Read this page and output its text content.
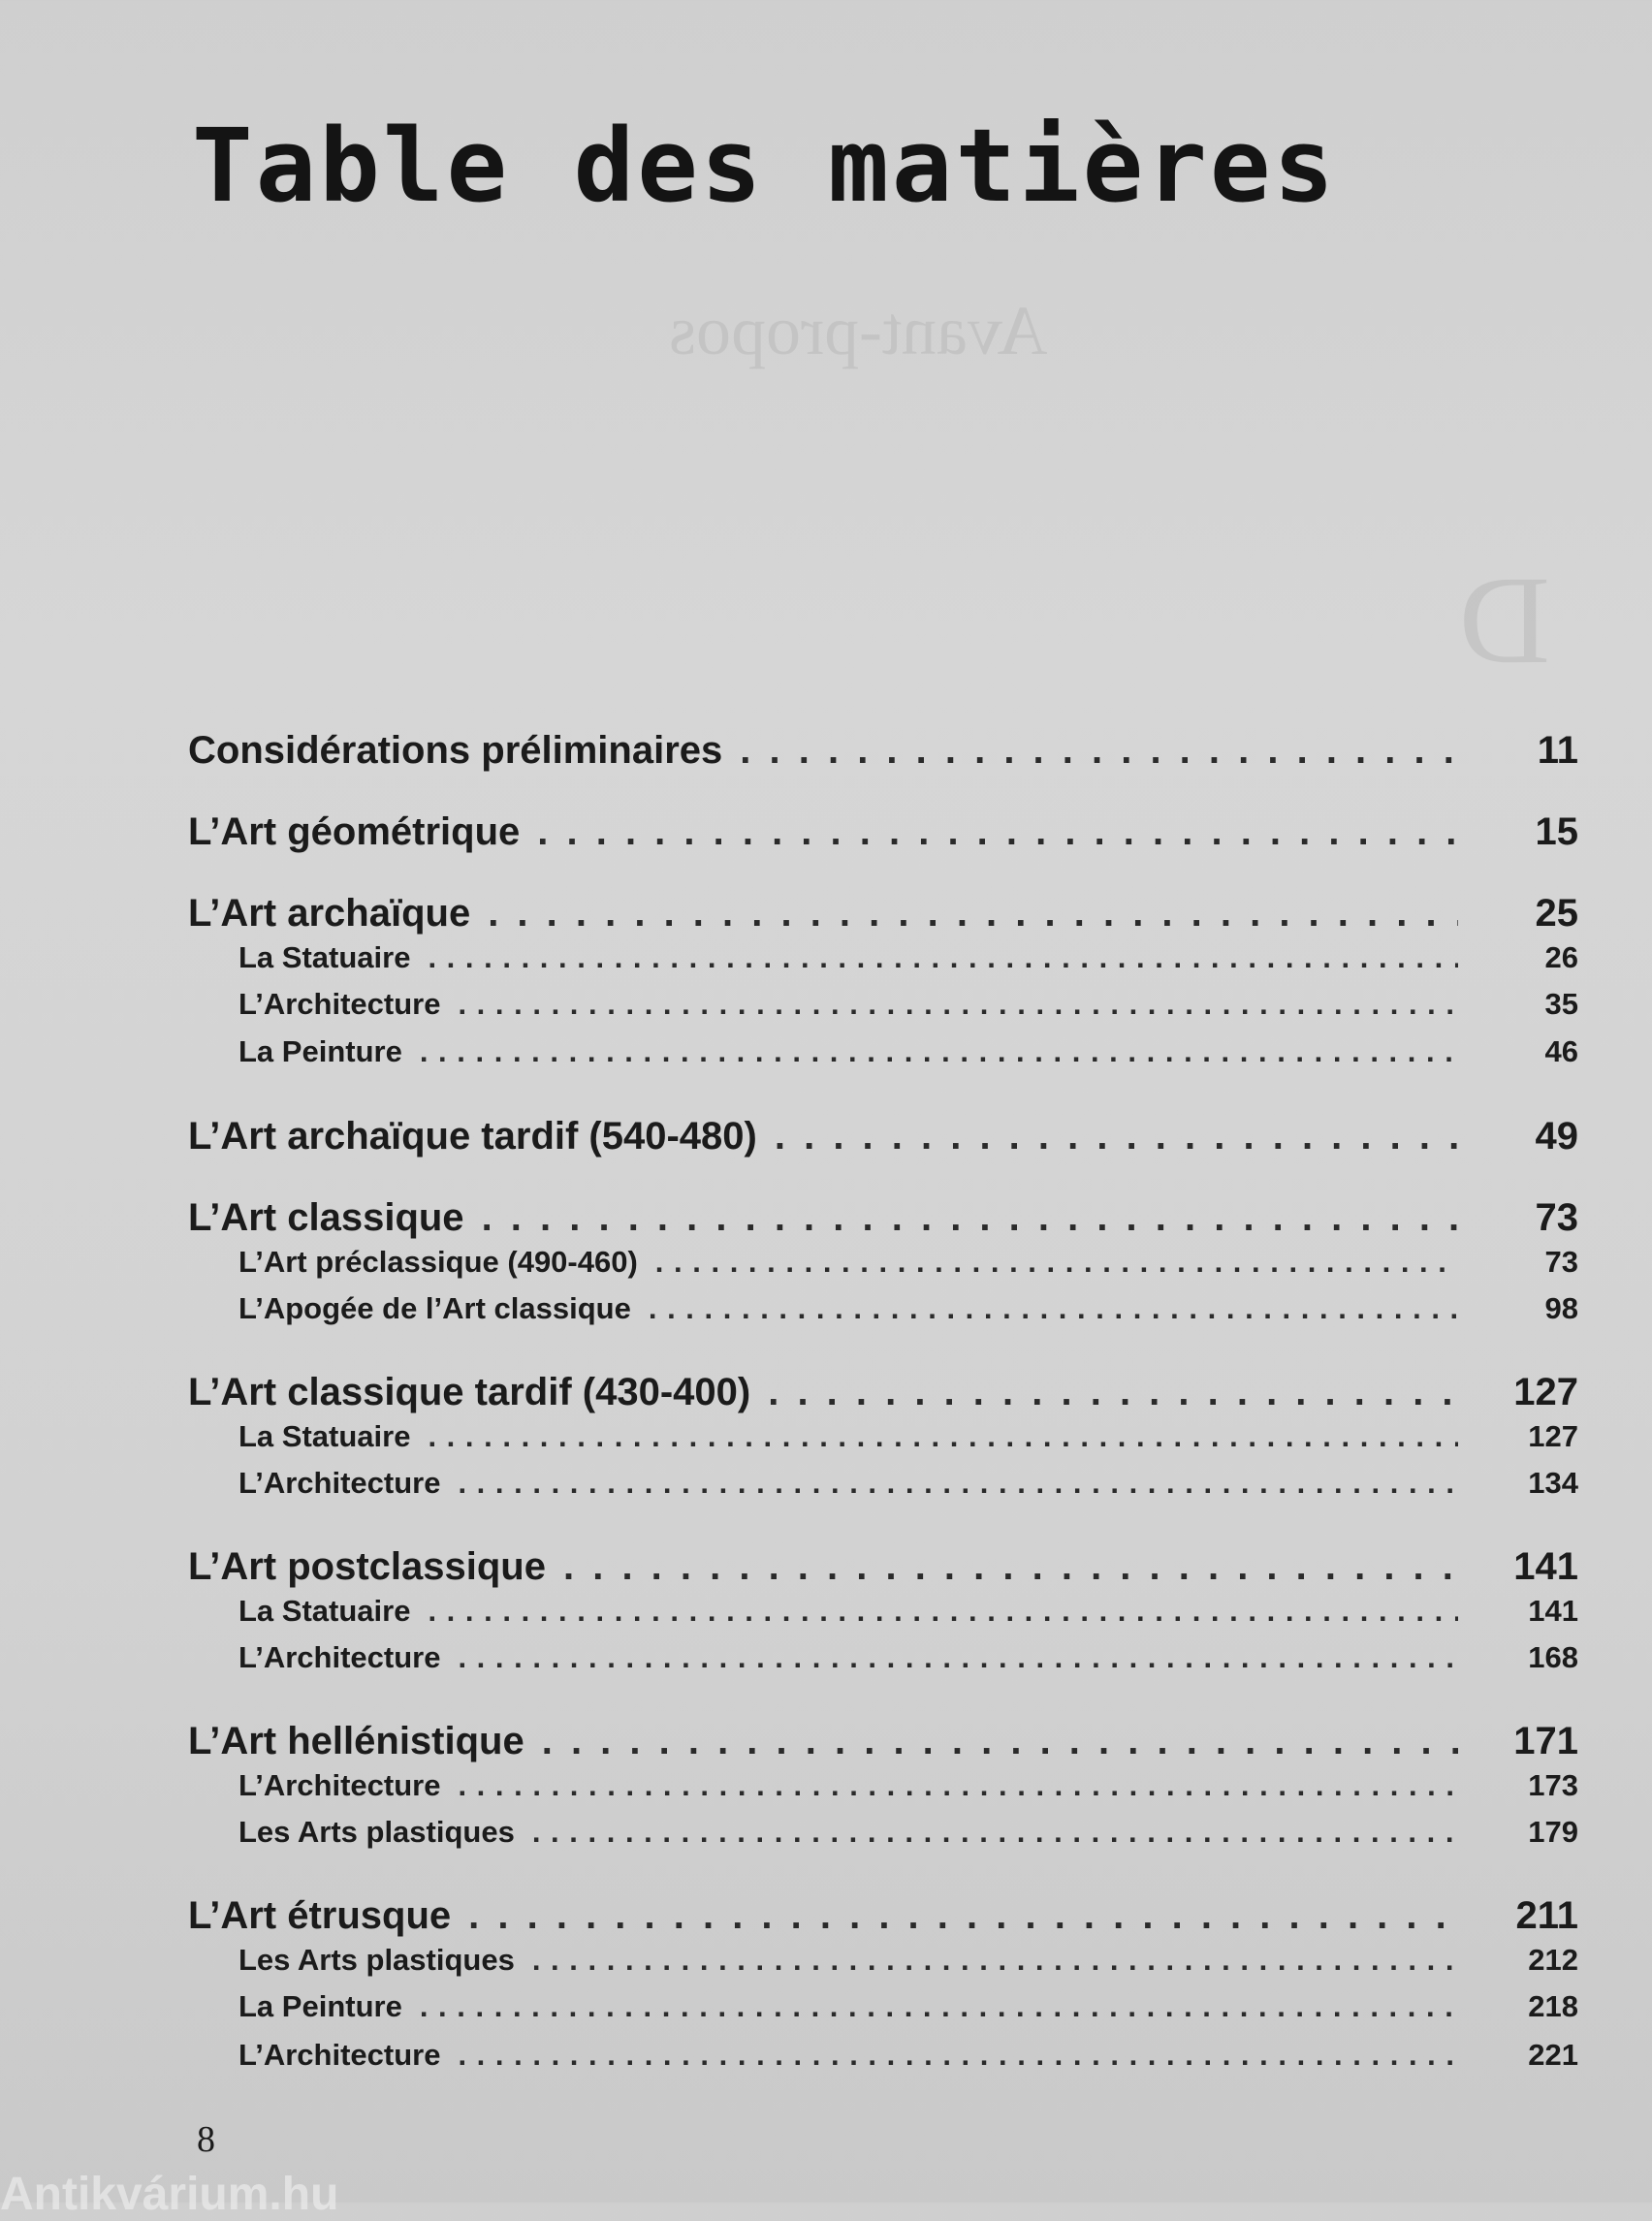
Avant-propos
D
Table des matières
Considérations préliminaires . . .	11
L’Art géométrique . . .	15
L’Art archaïque . . .	25
La Statuaire . . .	26
L’Architecture . . .	35
La Peinture . . .	46
L’Art archaïque tardif (540-480) . . .	49
L’Art classique . . .	73
L’Art préclassique (490-460) . . .	73
L’Apogée de l’Art classique . . .	98
L’Art classique tardif (430-400) . . .	127
La Statuaire . . .	127
L’Architecture . . .	134
L’Art postclassique . . .	141
La Statuaire . . .	141
L’Architecture . . .	168
L’Art hellénistique . . .	171
L’Architecture . . .	173
Les Arts plastiques . . .	179
L’Art étrusque . . .	211
Les Arts plastiques . . .	212
La Peinture . . .	218
L’Architecture . . .	221
8
Antikvárium.hu
